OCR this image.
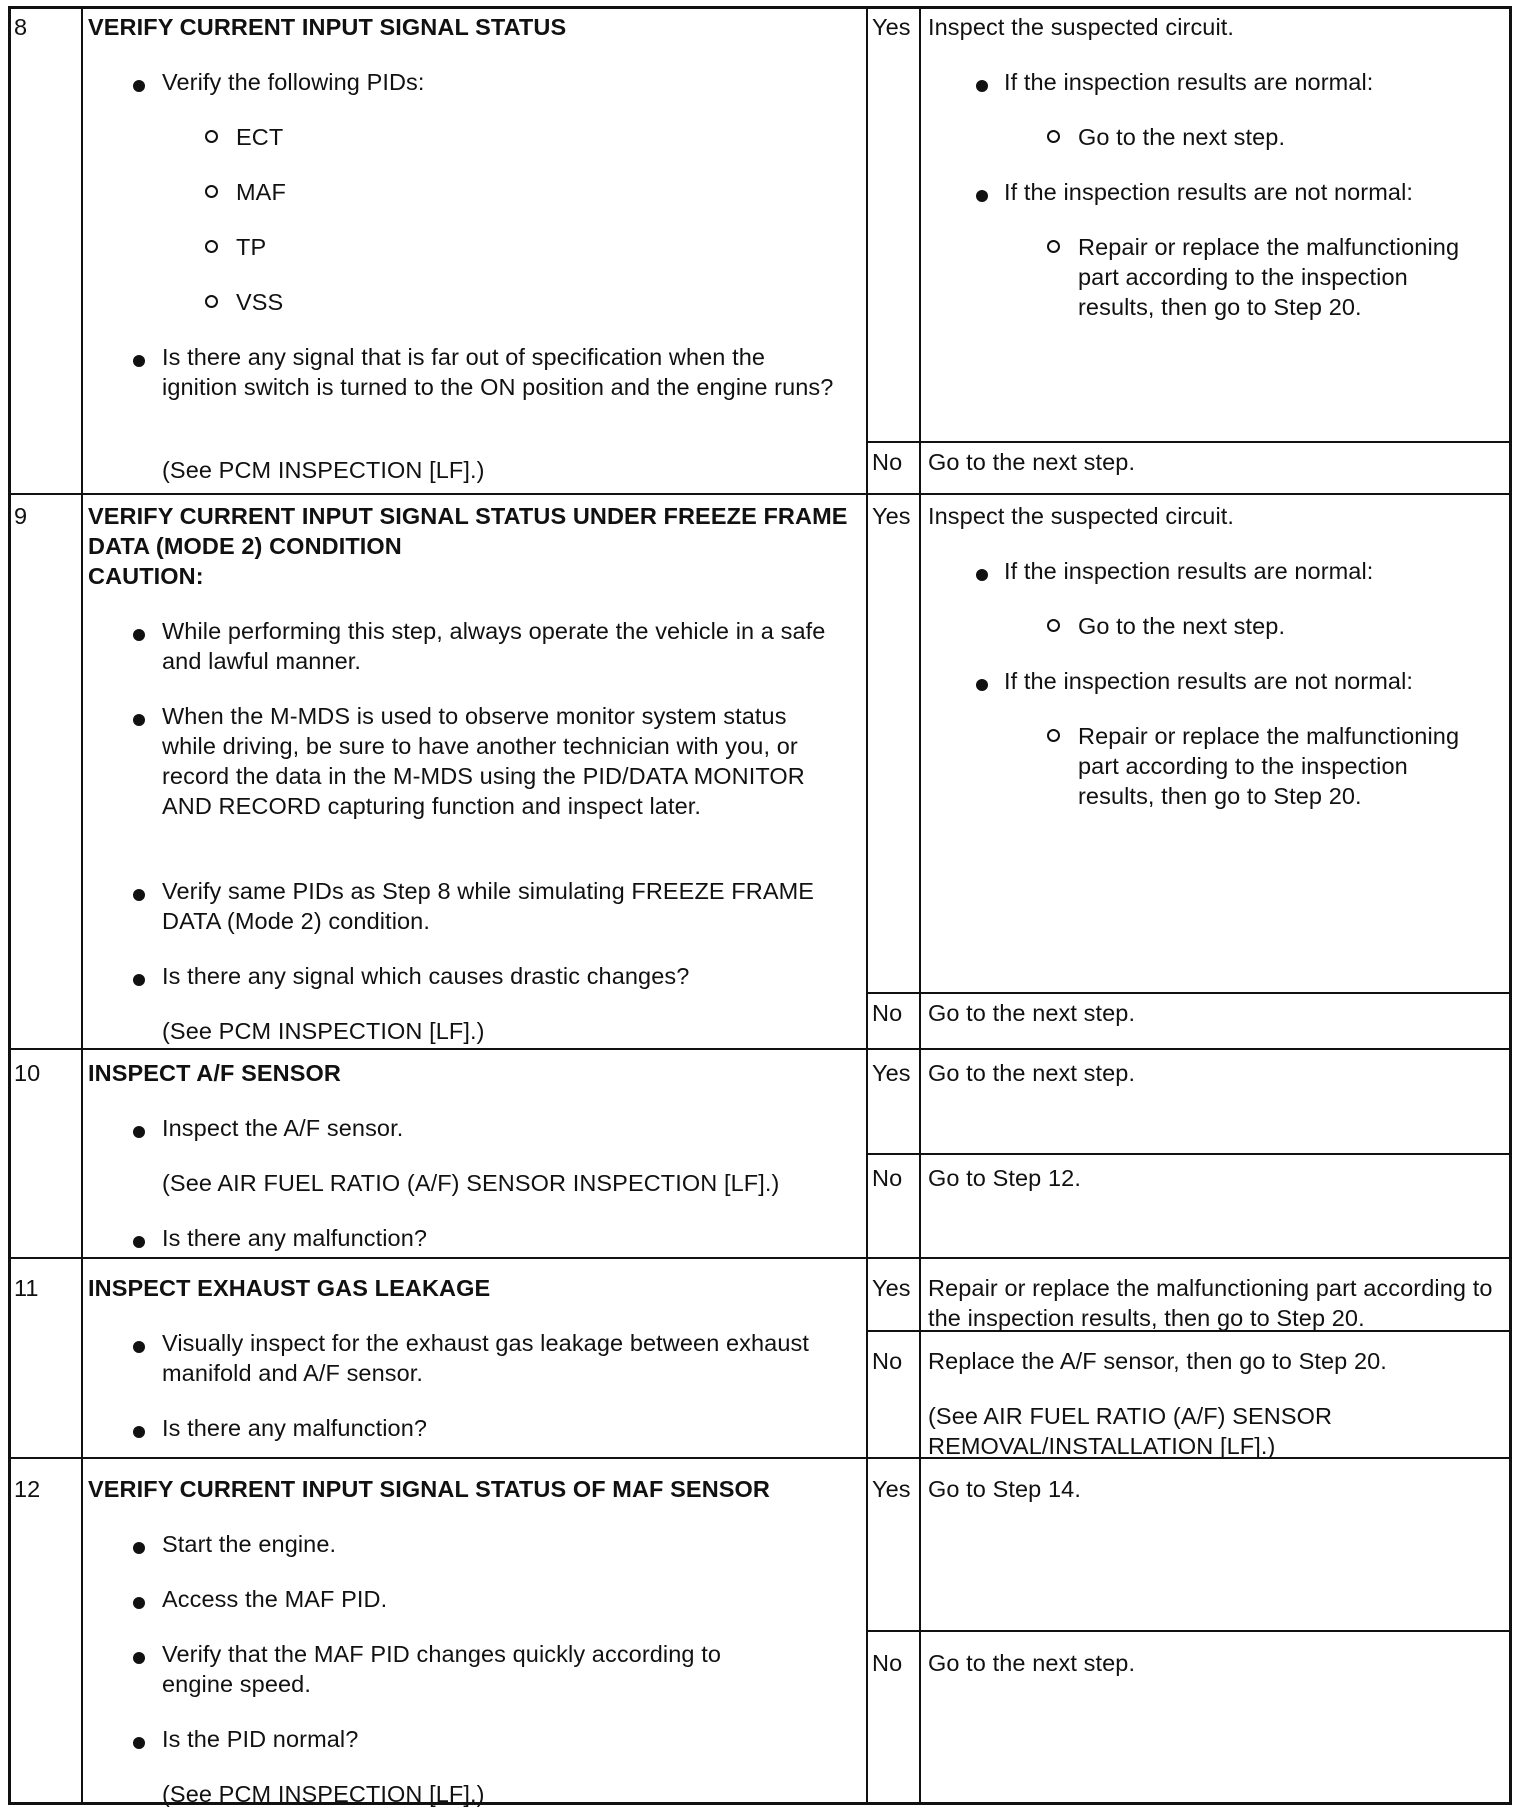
8	VERIFY CURRENT INPUT SIGNAL STATUS
Verify the following PIDs:
ECT
MAF
TP
VSS
Is there any signal that is far out of specification when the ignition switch is turned to the ON position and the engine runs?
(See PCM INSPECTION [LF].)
Yes Inspect the suspected circuit.
If the inspection results are normal:
Go to the next step.
If the inspection results are not normal:
Repair or replace the malfunctioning part according to the inspection results, then go to Step 20.
No Go to the next step.
9	VERIFY CURRENT INPUT SIGNAL STATUS UNDER FREEZE FRAME DATA (MODE 2) CONDITION
CAUTION:
While performing this step, always operate the vehicle in a safe and lawful manner.
When the M-MDS is used to observe monitor system status while driving, be sure to have another technician with you, or record the data in the M-MDS using the PID/DATA MONITOR AND RECORD capturing function and inspect later.
Verify same PIDs as Step 8 while simulating FREEZE FRAME DATA (Mode 2) condition.
Is there any signal which causes drastic changes?
(See PCM INSPECTION [LF].)
Yes Inspect the suspected circuit.
If the inspection results are normal:
Go to the next step.
If the inspection results are not normal:
Repair or replace the malfunctioning part according to the inspection results, then go to Step 20.
No Go to the next step.
10 INSPECT A/F SENSOR
Inspect the A/F sensor.
(See AIR FUEL RATIO (A/F) SENSOR INSPECTION [LF].)
Is there any malfunction?
Yes Go to the next step.
No Go to Step 12.
11 INSPECT EXHAUST GAS LEAKAGE
Visually inspect for the exhaust gas leakage between exhaust manifold and A/F sensor.
Is there any malfunction?
Yes Repair or replace the malfunctioning part according to the inspection results, then go to Step 20.
No Replace the A/F sensor, then go to Step 20.
(See AIR FUEL RATIO (A/F) SENSOR REMOVAL/INSTALLATION [LF].)
12 VERIFY CURRENT INPUT SIGNAL STATUS OF MAF SENSOR
Start the engine.
Access the MAF PID.
Verify that the MAF PID changes quickly according to engine speed.
Is the PID normal?
(See PCM INSPECTION [LF].)
Yes Go to Step 14.
No Go to the next step.
